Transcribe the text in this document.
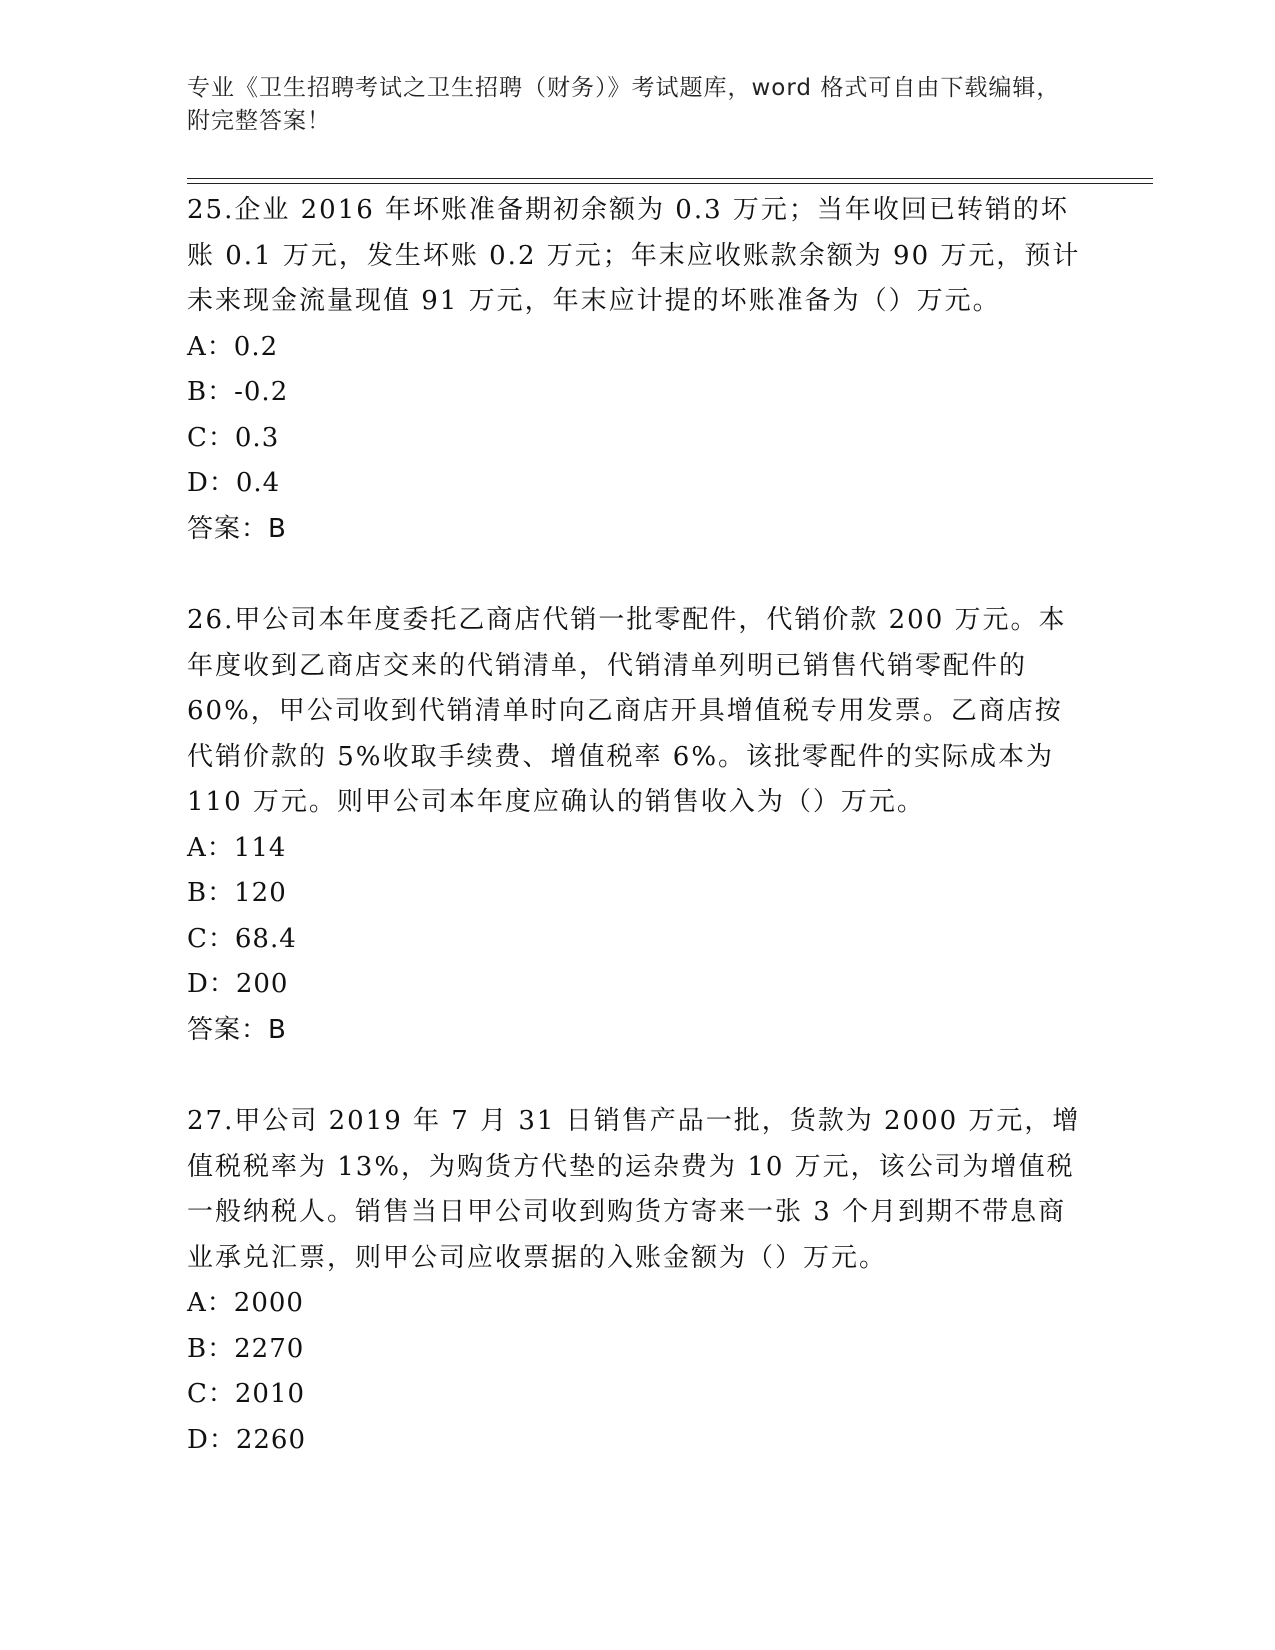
专业《卫生招聘考试之卫生招聘（财务）》考试题库，word 格式可自由下载编辑，附完整答案！

25.企业 2016 年坏账准备期初余额为 0.3 万元；当年收回已转销的坏账 0.1 万元，发生坏账 0.2 万元；年末应收账款余额为 90 万元，预计未来现金流量现值 91 万元，年末应计提的坏账准备为（）万元。

A：0.2

B：-0.2

C：0.3

D：0.4

答案：B

26.甲公司本年度委托乙商店代销一批零配件，代销价款 200 万元。本年度收到乙商店交来的代销清单，代销清单列明已销售代销零配件的 60%，甲公司收到代销清单时向乙商店开具增值税专用发票。乙商店按代销价款的 5%收取手续费、增值税率 6%。该批零配件的实际成本为 110 万元。则甲公司本年度应确认的销售收入为（）万元。

A：114

B：120

C：68.4

D：200

答案：B

27.甲公司 2019 年 7 月 31 日销售产品一批，货款为 2000 万元，增值税税率为 13%，为购货方代垫的运杂费为 10 万元，该公司为增值税一般纳税人。销售当日甲公司收到购货方寄来一张 3 个月到期不带息商业承兑汇票，则甲公司应收票据的入账金额为（）万元。

A：2000

B：2270

C：2010

D：2260
